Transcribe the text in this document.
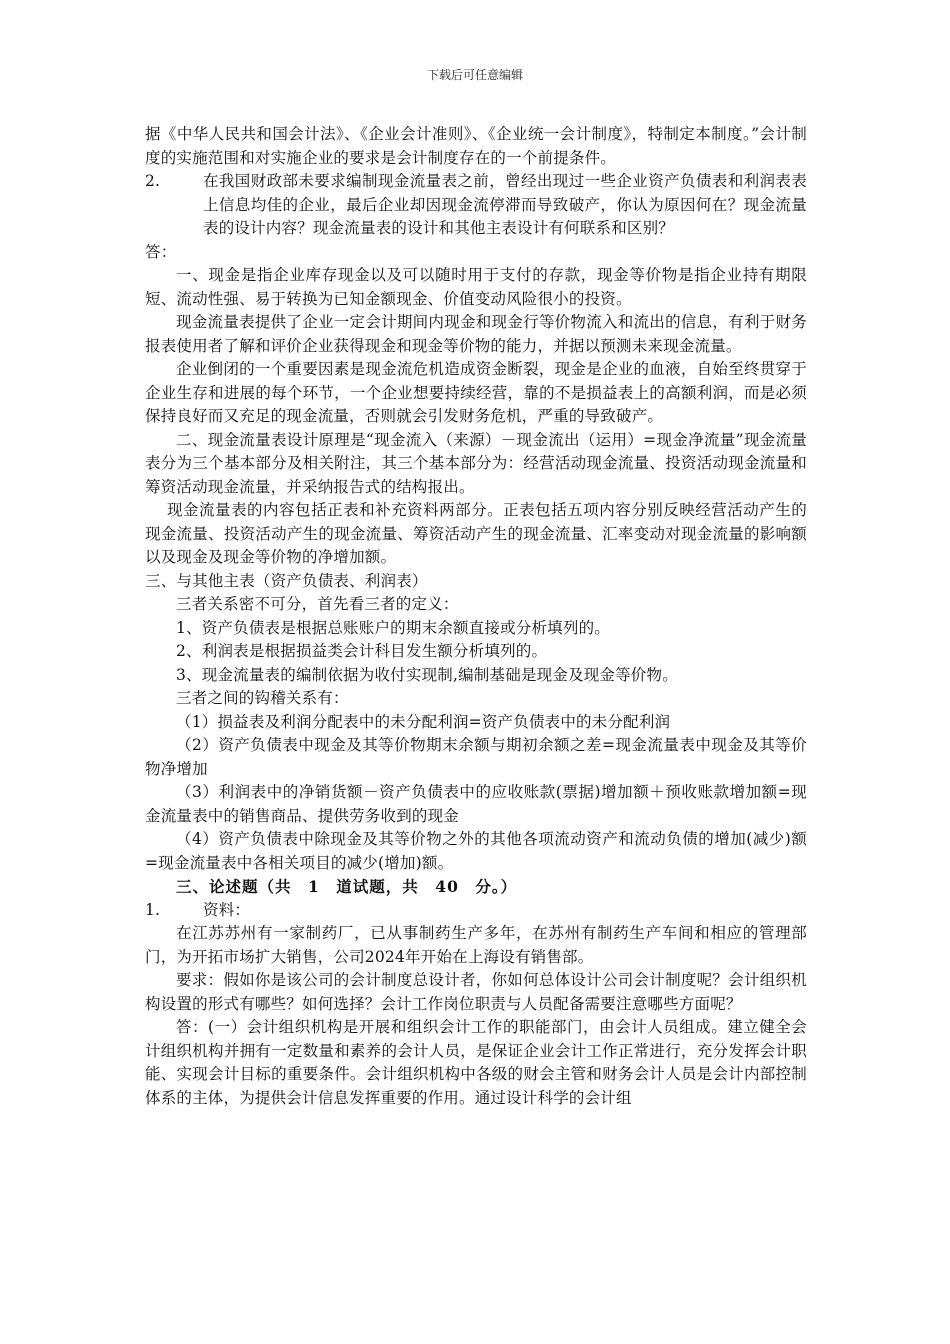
下载后可任意编辑

据《中华人民共和国会计法》、《企业会计准则》、《企业统一会计制度》，特制定本制度。”会计制度的实施范围和对实施企业的要求是会计制度存在的一个前提条件。

2.	在我国财政部未要求编制现金流量表之前，曾经出现过一些企业资产负债表和利润表表上信息均佳的企业，最后企业却因现金流停滞而导致破产，你认为原因何在？现金流量表的设计内容？现金流量表的设计和其他主表设计有何联系和区别？

答：

一、现金是指企业库存现金以及可以随时用于支付的存款，现金等价物是指企业持有期限短、流动性强、易于转换为已知金额现金、价值变动风险很小的投资。

现金流量表提供了企业一定会计期间内现金和现金行等价物流入和流出的信息，有利于财务报表使用者了解和评价企业获得现金和现金等价物的能力，并据以预测未来现金流量。

企业倒闭的一个重要因素是现金流危机造成资金断裂，现金是企业的血液，自始至终贯穿于企业生存和进展的每个环节，一个企业想要持续经营，靠的不是损益表上的高额利润，而是必须保持良好而又充足的现金流量，否则就会引发财务危机，严重的导致破产。

二、现金流量表设计原理是“现金流入（来源）－现金流出（运用）=现金净流量”现金流量表分为三个基本部分及相关附注，其三个基本部分为：经营活动现金流量、投资活动现金流量和筹资活动现金流量，并采纳报告式的结构报出。

现金流量表的内容包括正表和补充资料两部分。正表包括五项内容分别反映经营活动产生的现金流量、投资活动产生的现金流量、筹资活动产生的现金流量、汇率变动对现金流量的影响额以及现金及现金等价物的净增加额。

三、与其他主表（资产负债表、利润表）

三者关系密不可分，首先看三者的定义：

1、资产负债表是根据总账账户的期末余额直接或分析填列的。

2、利润表是根据损益类会计科目发生额分析填列的。

3、现金流量表的编制依据为收付实现制,编制基础是现金及现金等价物。

三者之间的钩稽关系有：

（1）损益表及利润分配表中的未分配利润=资产负债表中的未分配利润

（2）资产负债表中现金及其等价物期末余额与期初余额之差=现金流量表中现金及其等价物净增加

（3）利润表中的净销货额－资产负债表中的应收账款(票据)增加额＋预收账款增加额=现金流量表中的销售商品、提供劳务收到的现金

（4）资产负债表中除现金及其等价物之外的其他各项流动资产和流动负债的增加(减少)额=现金流量表中各相关项目的减少(增加)额。

三、论述题（共　1　道试题，共　40　分。）

1.	资料：

在江苏苏州有一家制药厂，已从事制药生产多年，在苏州有制药生产车间和相应的管理部门，为开拓市场扩大销售，公司2024年开始在上海设有销售部。

要求：假如你是该公司的会计制度总设计者，你如何总体设计公司会计制度呢？会计组织机构设置的形式有哪些？如何选择？会计工作岗位职责与人员配备需要注意哪些方面呢？

答：(一）会计组织机构是开展和组织会计工作的职能部门，由会计人员组成。建立健全会计组织机构并拥有一定数量和素养的会计人员，是保证企业会计工作正常进行，充分发挥会计职能、实现会计目标的重要条件。会计组织机构中各级的财会主管和财务会计人员是会计内部控制体系的主体，为提供会计信息发挥重要的作用。通过设计科学的会计组
